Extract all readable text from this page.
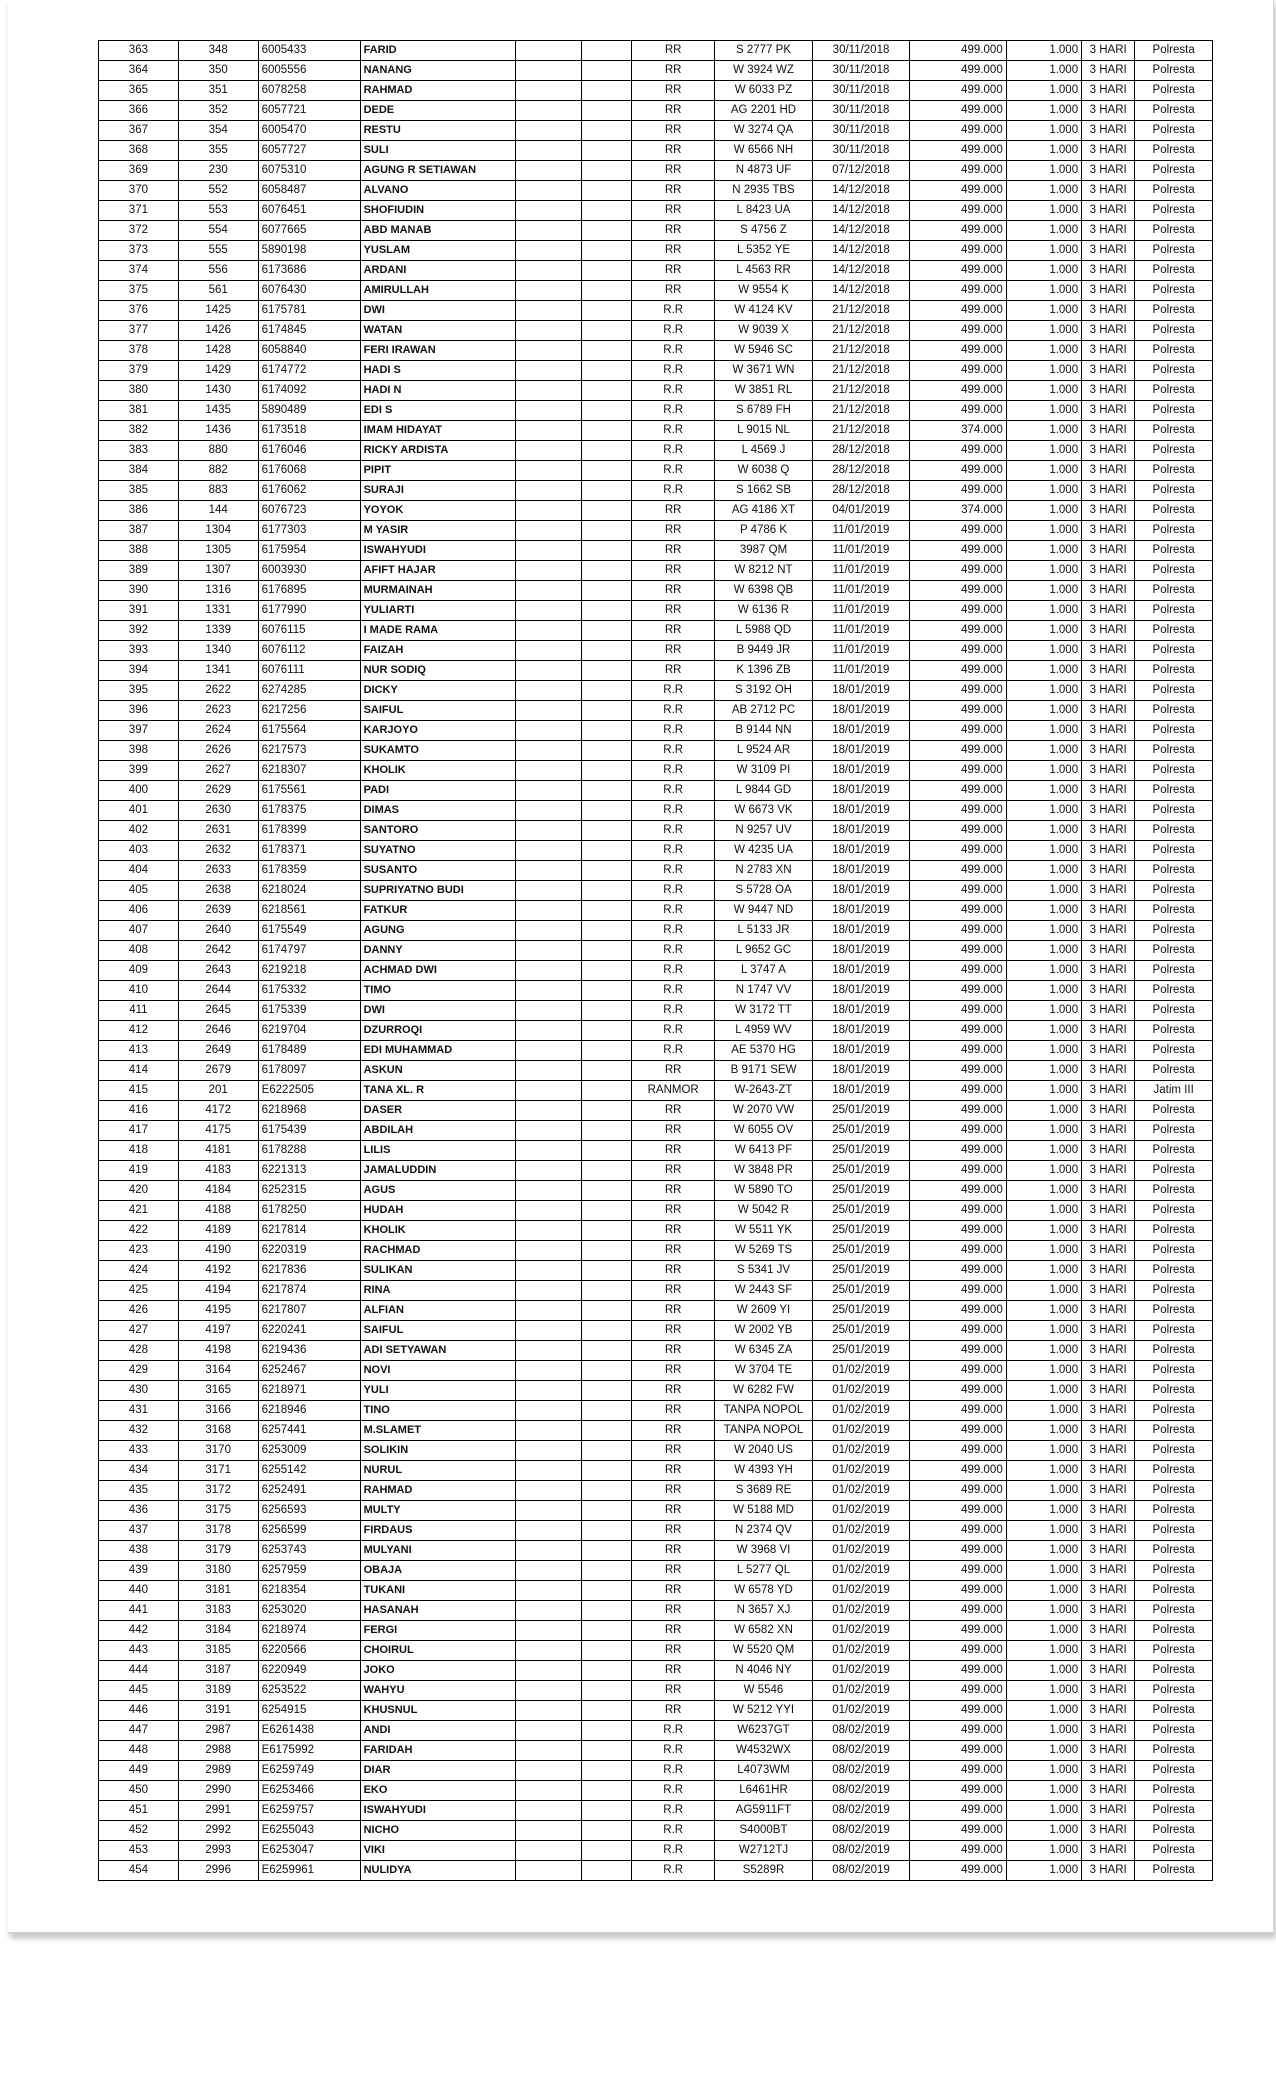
363	348	6005433	FARID			RR	S 2777 PK	30/11/2018	499.000	1.000	3 HARI	Polresta
364	350	6005556	NANANG			RR	W 3924 WZ	30/11/2018	499.000	1.000	3 HARI	Polresta
365	351	6078258	RAHMAD			RR	W 6033 PZ	30/11/2018	499.000	1.000	3 HARI	Polresta
366	352	6057721	DEDE			RR	AG 2201 HD	30/11/2018	499.000	1.000	3 HARI	Polresta
367	354	6005470	RESTU			RR	W 3274 QA	30/11/2018	499.000	1.000	3 HARI	Polresta
368	355	6057727	SULI			RR	W 6566 NH	30/11/2018	499.000	1.000	3 HARI	Polresta
369	230	6075310	AGUNG R SETIAWAN			RR	N 4873 UF	07/12/2018	499.000	1.000	3 HARI	Polresta
370	552	6058487	ALVANO			RR	N 2935 TBS	14/12/2018	499.000	1.000	3 HARI	Polresta
371	553	6076451	SHOFIUDIN			RR	L 8423 UA	14/12/2018	499.000	1.000	3 HARI	Polresta
372	554	6077665	ABD MANAB			RR	S 4756 Z	14/12/2018	499.000	1.000	3 HARI	Polresta
373	555	5890198	YUSLAM			RR	L 5352 YE	14/12/2018	499.000	1.000	3 HARI	Polresta
374	556	6173686	ARDANI			RR	L 4563 RR	14/12/2018	499.000	1.000	3 HARI	Polresta
375	561	6076430	AMIRULLAH			RR	W 9554 K	14/12/2018	499.000	1.000	3 HARI	Polresta
376	1425	6175781	DWI			R.R	W 4124 KV	21/12/2018	499.000	1.000	3 HARI	Polresta
377	1426	6174845	WATAN			R.R	W 9039 X	21/12/2018	499.000	1.000	3 HARI	Polresta
378	1428	6058840	FERI IRAWAN			R.R	W 5946 SC	21/12/2018	499.000	1.000	3 HARI	Polresta
379	1429	6174772	HADI S			R.R	W 3671 WN	21/12/2018	499.000	1.000	3 HARI	Polresta
380	1430	6174092	HADI N			R.R	W 3851 RL	21/12/2018	499.000	1.000	3 HARI	Polresta
381	1435	5890489	EDI S			R.R	S 6789 FH	21/12/2018	499.000	1.000	3 HARI	Polresta
382	1436	6173518	IMAM HIDAYAT			R.R	L 9015 NL	21/12/2018	374.000	1.000	3 HARI	Polresta
383	880	6176046	RICKY ARDISTA			R.R	L 4569 J	28/12/2018	499.000	1.000	3 HARI	Polresta
384	882	6176068	PIPIT			R.R	W 6038 Q	28/12/2018	499.000	1.000	3 HARI	Polresta
385	883	6176062	SURAJI			R.R	S 1662 SB	28/12/2018	499.000	1.000	3 HARI	Polresta
386	144	6076723	YOYOK			RR	AG 4186 XT	04/01/2019	374.000	1.000	3 HARI	Polresta
387	1304	6177303	M YASIR			RR	P 4786 K	11/01/2019	499.000	1.000	3 HARI	Polresta
388	1305	6175954	ISWAHYUDI			RR	3987 QM	11/01/2019	499.000	1.000	3 HARI	Polresta
389	1307	6003930	AFIFT HAJAR			RR	W 8212 NT	11/01/2019	499.000	1.000	3 HARI	Polresta
390	1316	6176895	MURMAINAH			RR	W 6398 QB	11/01/2019	499.000	1.000	3 HARI	Polresta
391	1331	6177990	YULIARTI			RR	W 6136 R	11/01/2019	499.000	1.000	3 HARI	Polresta
392	1339	6076115	I MADE RAMA			RR	L 5988 QD	11/01/2019	499.000	1.000	3 HARI	Polresta
393	1340	6076112	FAIZAH			RR	B 9449 JR	11/01/2019	499.000	1.000	3 HARI	Polresta
394	1341	6076111	NUR SODIQ			RR	K 1396 ZB	11/01/2019	499.000	1.000	3 HARI	Polresta
395	2622	6274285	DICKY			R.R	S 3192 OH	18/01/2019	499.000	1.000	3 HARI	Polresta
396	2623	6217256	SAIFUL			R.R	AB 2712 PC	18/01/2019	499.000	1.000	3 HARI	Polresta
397	2624	6175564	KARJOYO			R.R	B 9144 NN	18/01/2019	499.000	1.000	3 HARI	Polresta
398	2626	6217573	SUKAMTO			R.R	L 9524 AR	18/01/2019	499.000	1.000	3 HARI	Polresta
399	2627	6218307	KHOLIK			R.R	W 3109 PI	18/01/2019	499.000	1.000	3 HARI	Polresta
400	2629	6175561	PADI			R.R	L 9844 GD	18/01/2019	499.000	1.000	3 HARI	Polresta
401	2630	6178375	DIMAS			R.R	W 6673 VK	18/01/2019	499.000	1.000	3 HARI	Polresta
402	2631	6178399	SANTORO			R.R	N 9257 UV	18/01/2019	499.000	1.000	3 HARI	Polresta
403	2632	6178371	SUYATNO			R.R	W 4235 UA	18/01/2019	499.000	1.000	3 HARI	Polresta
404	2633	6178359	SUSANTO			R.R	N 2783 XN	18/01/2019	499.000	1.000	3 HARI	Polresta
405	2638	6218024	SUPRIYATNO BUDI			R.R	S 5728 OA	18/01/2019	499.000	1.000	3 HARI	Polresta
406	2639	6218561	FATKUR			R.R	W 9447 ND	18/01/2019	499.000	1.000	3 HARI	Polresta
407	2640	6175549	AGUNG			R.R	L 5133 JR	18/01/2019	499.000	1.000	3 HARI	Polresta
408	2642	6174797	DANNY			R.R	L 9652 GC	18/01/2019	499.000	1.000	3 HARI	Polresta
409	2643	6219218	ACHMAD DWI			R.R	L 3747 A	18/01/2019	499.000	1.000	3 HARI	Polresta
410	2644	6175332	TIMO			R.R	N 1747 VV	18/01/2019	499.000	1.000	3 HARI	Polresta
411	2645	6175339	DWI			R.R	W 3172 TT	18/01/2019	499.000	1.000	3 HARI	Polresta
412	2646	6219704	DZURROQI			R.R	L 4959 WV	18/01/2019	499.000	1.000	3 HARI	Polresta
413	2649	6178489	EDI MUHAMMAD			R.R	AE 5370 HG	18/01/2019	499.000	1.000	3 HARI	Polresta
414	2679	6178097	ASKUN			RR	B 9171 SEW	18/01/2019	499.000	1.000	3 HARI	Polresta
415	201	E6222505	TANA XL. R			RANMOR	W-2643-ZT	18/01/2019	499.000	1.000	3 HARI	Jatim III
416	4172	6218968	DASER			RR	W 2070 VW	25/01/2019	499.000	1.000	3 HARI	Polresta
417	4175	6175439	ABDILAH			RR	W 6055 OV	25/01/2019	499.000	1.000	3 HARI	Polresta
418	4181	6178288	LILIS			RR	W 6413 PF	25/01/2019	499.000	1.000	3 HARI	Polresta
419	4183	6221313	JAMALUDDIN			RR	W 3848 PR	25/01/2019	499.000	1.000	3 HARI	Polresta
420	4184	6252315	AGUS			RR	W 5890 TO	25/01/2019	499.000	1.000	3 HARI	Polresta
421	4188	6178250	HUDAH			RR	W 5042 R	25/01/2019	499.000	1.000	3 HARI	Polresta
422	4189	6217814	KHOLIK			RR	W 5511 YK	25/01/2019	499.000	1.000	3 HARI	Polresta
423	4190	6220319	RACHMAD			RR	W 5269 TS	25/01/2019	499.000	1.000	3 HARI	Polresta
424	4192	6217836	SULIKAN			RR	S 5341 JV	25/01/2019	499.000	1.000	3 HARI	Polresta
425	4194	6217874	RINA			RR	W 2443 SF	25/01/2019	499.000	1.000	3 HARI	Polresta
426	4195	6217807	ALFIAN			RR	W 2609 YI	25/01/2019	499.000	1.000	3 HARI	Polresta
427	4197	6220241	SAIFUL			RR	W 2002 YB	25/01/2019	499.000	1.000	3 HARI	Polresta
428	4198	6219436	ADI SETYAWAN			RR	W 6345 ZA	25/01/2019	499.000	1.000	3 HARI	Polresta
429	3164	6252467	NOVI			RR	W 3704 TE	01/02/2019	499.000	1.000	3 HARI	Polresta
430	3165	6218971	YULI			RR	W 6282 FW	01/02/2019	499.000	1.000	3 HARI	Polresta
431	3166	6218946	TINO			RR	TANPA NOPOL	01/02/2019	499.000	1.000	3 HARI	Polresta
432	3168	6257441	M.SLAMET			RR	TANPA NOPOL	01/02/2019	499.000	1.000	3 HARI	Polresta
433	3170	6253009	SOLIKIN			RR	W 2040 US	01/02/2019	499.000	1.000	3 HARI	Polresta
434	3171	6255142	NURUL			RR	W 4393 YH	01/02/2019	499.000	1.000	3 HARI	Polresta
435	3172	6252491	RAHMAD			RR	S 3689 RE	01/02/2019	499.000	1.000	3 HARI	Polresta
436	3175	6256593	MULTY			RR	W 5188 MD	01/02/2019	499.000	1.000	3 HARI	Polresta
437	3178	6256599	FIRDAUS			RR	N 2374 QV	01/02/2019	499.000	1.000	3 HARI	Polresta
438	3179	6253743	MULYANI			RR	W 3968 VI	01/02/2019	499.000	1.000	3 HARI	Polresta
439	3180	6257959	OBAJA			RR	L 5277 QL	01/02/2019	499.000	1.000	3 HARI	Polresta
440	3181	6218354	TUKANI			RR	W 6578 YD	01/02/2019	499.000	1.000	3 HARI	Polresta
441	3183	6253020	HASANAH			RR	N 3657 XJ	01/02/2019	499.000	1.000	3 HARI	Polresta
442	3184	6218974	FERGI			RR	W 6582 XN	01/02/2019	499.000	1.000	3 HARI	Polresta
443	3185	6220566	CHOIRUL			RR	W 5520 QM	01/02/2019	499.000	1.000	3 HARI	Polresta
444	3187	6220949	JOKO			RR	N 4046 NY	01/02/2019	499.000	1.000	3 HARI	Polresta
445	3189	6253522	WAHYU			RR	W 5546	01/02/2019	499.000	1.000	3 HARI	Polresta
446	3191	6254915	KHUSNUL			RR	W 5212 YYI	01/02/2019	499.000	1.000	3 HARI	Polresta
447	2987	E6261438	ANDI			R.R	W6237GT	08/02/2019	499.000	1.000	3 HARI	Polresta
448	2988	E6175992	FARIDAH			R.R	W4532WX	08/02/2019	499.000	1.000	3 HARI	Polresta
449	2989	E6259749	DIAR			R.R	L4073WM	08/02/2019	499.000	1.000	3 HARI	Polresta
450	2990	E6253466	EKO			R.R	L6461HR	08/02/2019	499.000	1.000	3 HARI	Polresta
451	2991	E6259757	ISWAHYUDI			R.R	AG5911FT	08/02/2019	499.000	1.000	3 HARI	Polresta
452	2992	E6255043	NICHO			R.R	S4000BT	08/02/2019	499.000	1.000	3 HARI	Polresta
453	2993	E6253047	VIKI			R.R	W2712TJ	08/02/2019	499.000	1.000	3 HARI	Polresta
454	2996	E6259961	NULIDYA			R.R	S5289R	08/02/2019	499.000	1.000	3 HARI	Polresta
